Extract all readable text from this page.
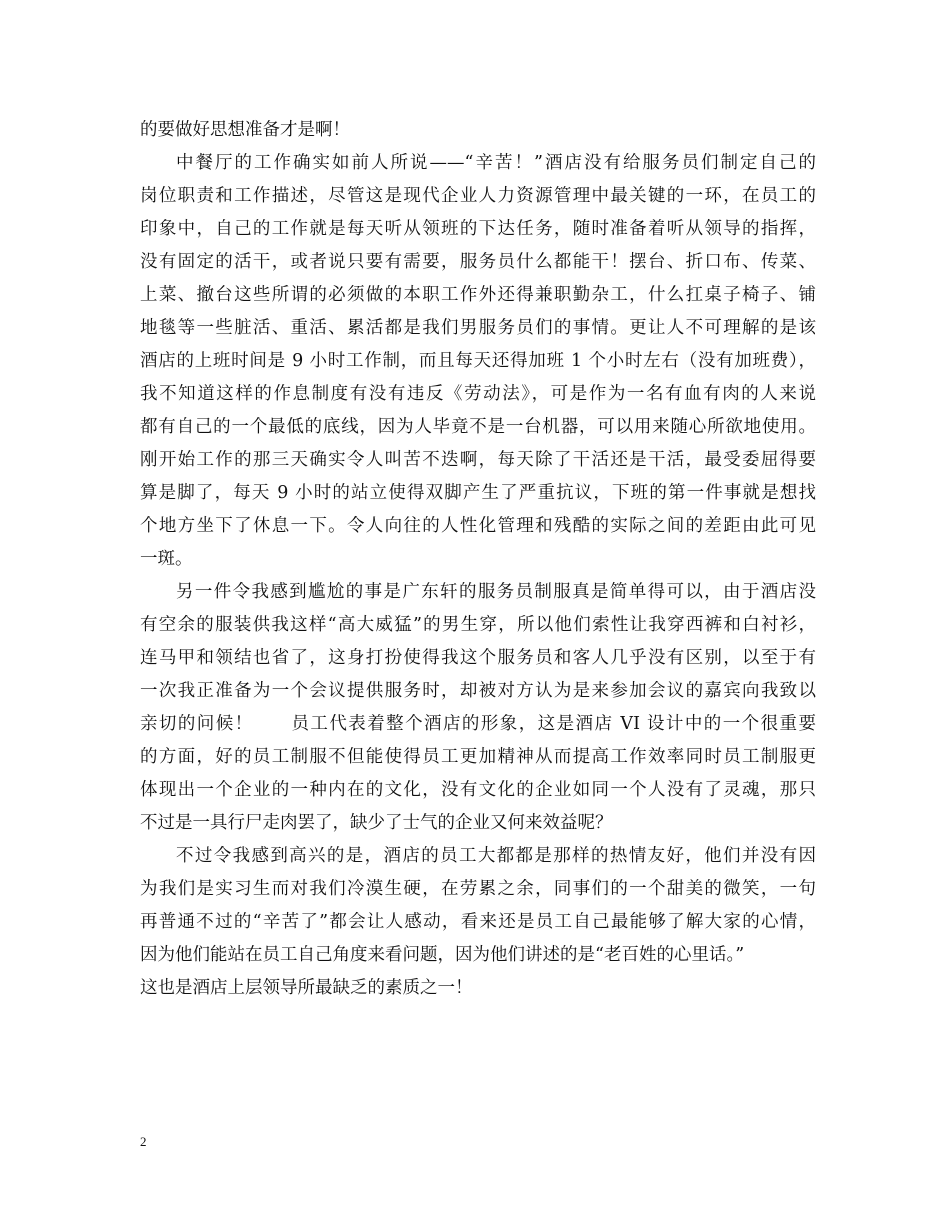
的要做好思想准备才是啊！
中餐厅的工作确实如前人所说——“辛苦！”酒店没有给服务员们制定自己的
岗位职责和工作描述，尽管这是现代企业人力资源管理中最关键的一环，在员工的
印象中，自己的工作就是每天听从领班的下达任务，随时准备着听从领导的指挥，
没有固定的活干，或者说只要有需要，服务员什么都能干！摆台、折口布、传菜、
上菜、撤台这些所谓的必须做的本职工作外还得兼职勤杂工，什么扛桌子椅子、铺
地毯等一些脏活、重活、累活都是我们男服务员们的事情。更让人不可理解的是该
酒店的上班时间是 9 小时工作制，而且每天还得加班 1 个小时左右（没有加班费），
我不知道这样的作息制度有没有违反《劳动法》，可是作为一名有血有肉的人来说
都有自己的一个最低的底线，因为人毕竟不是一台机器，可以用来随心所欲地使用。
刚开始工作的那三天确实令人叫苦不迭啊，每天除了干活还是干活，最受委屈得要
算是脚了，每天 9 小时的站立使得双脚产生了严重抗议，下班的第一件事就是想找
个地方坐下了休息一下。令人向往的人性化管理和残酷的实际之间的差距由此可见
一斑。
另一件令我感到尴尬的事是广东轩的服务员制服真是简单得可以，由于酒店没
有空余的服装供我这样“高大威猛”的男生穿，所以他们索性让我穿西裤和白衬衫，
连马甲和领结也省了，这身打扮使得我这个服务员和客人几乎没有区别，以至于有
一次我正准备为一个会议提供服务时，却被对方认为是来参加会议的嘉宾向我致以
亲切的问候！　　员工代表着整个酒店的形象，这是酒店 VI 设计中的一个很重要
的方面，好的员工制服不但能使得员工更加精神从而提高工作效率同时员工制服更
体现出一个企业的一种内在的文化，没有文化的企业如同一个人没有了灵魂，那只
不过是一具行尸走肉罢了，缺少了士气的企业又何来效益呢？
不过令我感到高兴的是，酒店的员工大都都是那样的热情友好，他们并没有因
为我们是实习生而对我们冷漠生硬，在劳累之余，同事们的一个甜美的微笑，一句
再普通不过的“辛苦了”都会让人感动，看来还是员工自己最能够了解大家的心情，
因为他们能站在员工自己角度来看问题，因为他们讲述的是“老百姓的心里话。”
这也是酒店上层领导所最缺乏的素质之一！
2
